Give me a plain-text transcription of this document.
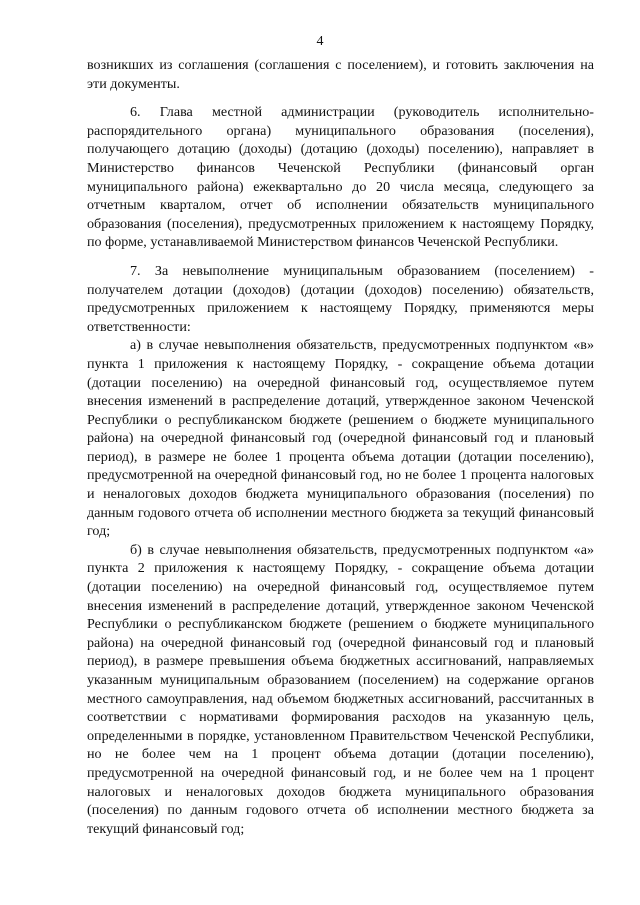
4

возникших из соглашения (соглашения с поселением), и готовить заключения на эти документы.

6. Глава местной администрации (руководитель исполнительно-распорядительного органа) муниципального образования (поселения), получающего дотацию (доходы) (дотацию (доходы) поселению), направляет в Министерство финансов Чеченской Республики (финансовый орган муниципального района) ежеквартально до 20 числа месяца, следующего за отчетным кварталом, отчет об исполнении обязательств муниципального образования (поселения), предусмотренных приложением к настоящему Порядку, по форме, устанавливаемой Министерством финансов Чеченской Республики.

7. За невыполнение муниципальным образованием (поселением) - получателем дотации (доходов) (дотации (доходов) поселению) обязательств, предусмотренных приложением к настоящему Порядку, применяются меры ответственности:

а) в случае невыполнения обязательств, предусмотренных подпунктом «в» пункта 1 приложения к настоящему Порядку, - сокращение объема дотации (дотации поселению) на очередной финансовый год, осуществляемое путем внесения изменений в распределение дотаций, утвержденное законом Чеченской Республики о республиканском бюджете (решением о бюджете муниципального района) на очередной финансовый год (очередной финансовый год и плановый период), в размере не более 1 процента объема дотации (дотации поселению), предусмотренной на очередной финансовый год, но не более 1 процента налоговых и неналоговых доходов бюджета муниципального образования (поселения) по данным годового отчета об исполнении местного бюджета за текущий финансовый год;

б) в случае невыполнения обязательств, предусмотренных подпунктом «а» пункта 2 приложения к настоящему Порядку, - сокращение объема дотации (дотации поселению) на очередной финансовый год, осуществляемое путем внесения изменений в распределение дотаций, утвержденное законом Чеченской Республики о республиканском бюджете (решением о бюджете муниципального района) на очередной финансовый год (очередной финансовый год и плановый период), в размере превышения объема бюджетных ассигнований, направляемых указанным муниципальным образованием (поселением) на содержание органов местного самоуправления, над объемом бюджетных ассигнований, рассчитанных в соответствии с нормативами формирования расходов на указанную цель, определенными в порядке, установленном Правительством Чеченской Республики, но не более чем на 1 процент объема дотации (дотации поселению), предусмотренной на очередной финансовый год, и не более чем на 1 процент налоговых и неналоговых доходов бюджета муниципального образования (поселения) по данным годового отчета об исполнении местного бюджета за текущий финансовый год;
